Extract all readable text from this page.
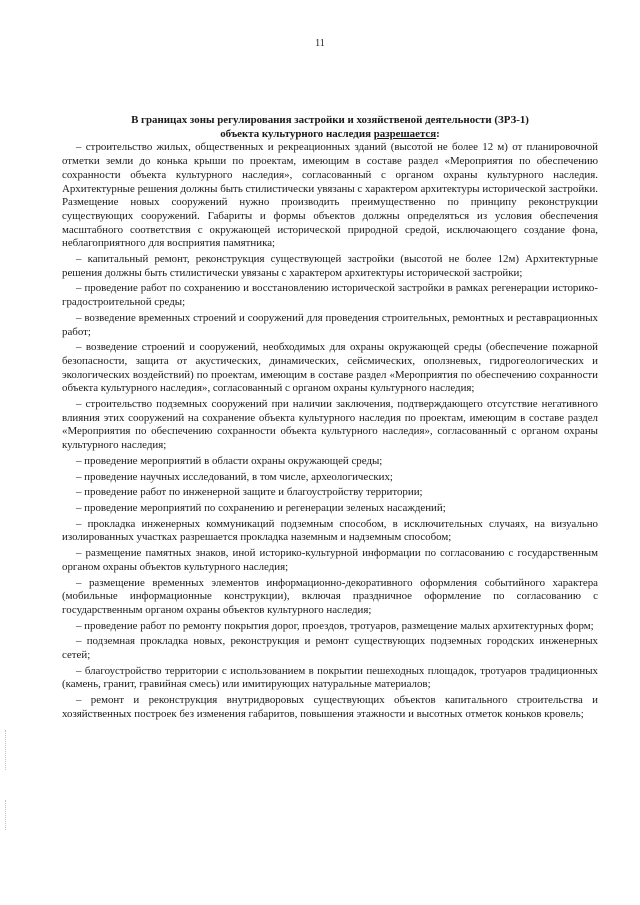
11

В границах зоны регулирования застройки и хозяйственой деятельности (ЗРЗ-1)
объекта культурного наследия разрешается:

– строительство жилых, общественных и рекреационных зданий (высотой не более 12 м) от планировочной отметки земли до конька крыши по проектам, имеющим в составе раздел «Мероприятия по обеспечению сохранности объекта культурного наследия», согласованный с органом охраны культурного наследия. Архитектурные решения должны быть стилистически увязаны с характером архитектуры исторической застройки. Размещение новых сооружений нужно производить преимущественно по принципу реконструкции существующих сооружений. Габариты и формы объектов должны определяться из условия обеспечения масштабного соответствия с окружающей исторической природной средой, исключающего создание фона, неблагоприятного для восприятия памятника;

– капитальный ремонт, реконструкция существующей застройки (высотой не более 12м) Архитектурные решения должны быть стилистически увязаны с характером архитектуры исторической застройки;

– проведение работ по сохранению и восстановлению исторической застройки в рамках регенерации историко-градостроительной среды;

– возведение временных строений и сооружений для проведения строительных, ремонтных и реставрационных работ;

– возведение строений и сооружений, необходимых для охраны окружающей среды (обеспечение пожарной безопасности, защита от акустических, динамических, сейсмических, оползневых, гидрогеологических и экологических воздействий) по проектам, имеющим в составе раздел «Мероприятия по обеспечению сохранности объекта культурного наследия», согласованный с органом охраны культурного наследия;

– строительство подземных сооружений при наличии заключения, подтверждающего отсутствие негативного влияния этих сооружений на сохранение объекта культурного наследия по проектам, имеющим в составе раздел «Мероприятия по обеспечению сохранности объекта культурного наследия», согласованный с органом охраны культурного наследия;

– проведение мероприятий в области охраны окружающей среды;

– проведение научных исследований, в том числе, археологических;

– проведение работ по инженерной защите и благоустройству территории;

– проведение мероприятий по сохранению и регенерации зеленых насаждений;

– прокладка инженерных коммуникаций подземным способом, в исключительных случаях, на визуально изолированных участках разрешается прокладка наземным и надземным способом;

– размещение памятных знаков, иной историко-культурной информации по согласованию с государственным органом охраны объектов культурного наследия;

– размещение временных элементов информационно-декоративного оформления событийного характера (мобильные информационные конструкции), включая праздничное оформление по согласованию с государственным органом охраны объектов культурного наследия;

– проведение работ по ремонту покрытия дорог, проездов, тротуаров, размещение малых архитектурных форм;

– подземная прокладка новых, реконструкция и ремонт существующих подземных городских инженерных сетей;

– благоустройство территории с использованием в покрытии пешеходных площадок, тротуаров традиционных (камень, гранит, гравийная смесь) или имитирующих натуральные материалов;

– ремонт и реконструкция внутридворовых существующих объектов капитального строительства и хозяйственных построек без изменения габаритов, повышения этажности и высотных отметок коньков кровель;
